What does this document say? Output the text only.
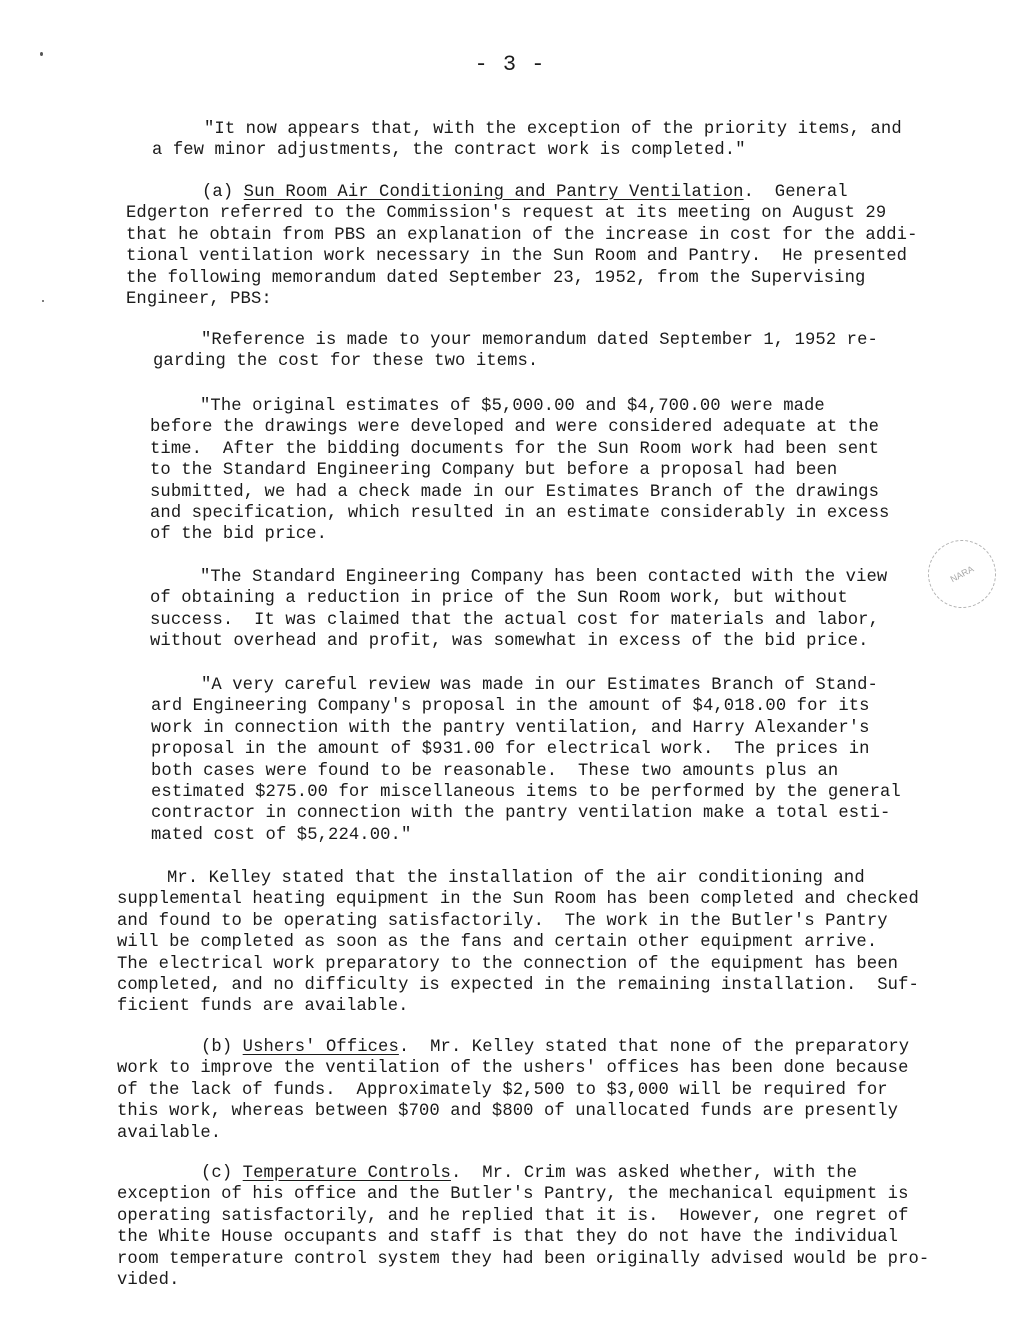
- 3 -
NARA
"It now appears that, with the exception of the priority items, and
a few minor adjustments, the contract work is completed."
(a) Sun Room Air Conditioning and Pantry Ventilation.  General
Edgerton referred to the Commission's request at its meeting on August 29
that he obtain from PBS an explanation of the increase in cost for the addi-
tional ventilation work necessary in the Sun Room and Pantry.  He presented
the following memorandum dated September 23, 1952, from the Supervising
Engineer, PBS:
"Reference is made to your memorandum dated September 1, 1952 re-
garding the cost for these two items.
"The original estimates of $5,000.00 and $4,700.00 were made
before the drawings were developed and were considered adequate at the
time.  After the bidding documents for the Sun Room work had been sent
to the Standard Engineering Company but before a proposal had been
submitted, we had a check made in our Estimates Branch of the drawings
and specification, which resulted in an estimate considerably in excess
of the bid price.
"The Standard Engineering Company has been contacted with the view
of obtaining a reduction in price of the Sun Room work, but without
success.  It was claimed that the actual cost for materials and labor,
without overhead and profit, was somewhat in excess of the bid price.
"A very careful review was made in our Estimates Branch of Stand-
ard Engineering Company's proposal in the amount of $4,018.00 for its
work in connection with the pantry ventilation, and Harry Alexander's
proposal in the amount of $931.00 for electrical work.  The prices in
both cases were found to be reasonable.  These two amounts plus an
estimated $275.00 for miscellaneous items to be performed by the general
contractor in connection with the pantry ventilation make a total esti-
mated cost of $5,224.00."
Mr. Kelley stated that the installation of the air conditioning and
supplemental heating equipment in the Sun Room has been completed and checked
and found to be operating satisfactorily.  The work in the Butler's Pantry
will be completed as soon as the fans and certain other equipment arrive.
The electrical work preparatory to the connection of the equipment has been
completed, and no difficulty is expected in the remaining installation.  Suf-
ficient funds are available.
(b) Ushers' Offices.  Mr. Kelley stated that none of the preparatory
work to improve the ventilation of the ushers' offices has been done because
of the lack of funds.  Approximately $2,500 to $3,000 will be required for
this work, whereas between $700 and $800 of unallocated funds are presently
available.
(c) Temperature Controls.  Mr. Crim was asked whether, with the
exception of his office and the Butler's Pantry, the mechanical equipment is
operating satisfactorily, and he replied that it is.  However, one regret of
the White House occupants and staff is that they do not have the individual
room temperature control system they had been originally advised would be pro-
vided.
